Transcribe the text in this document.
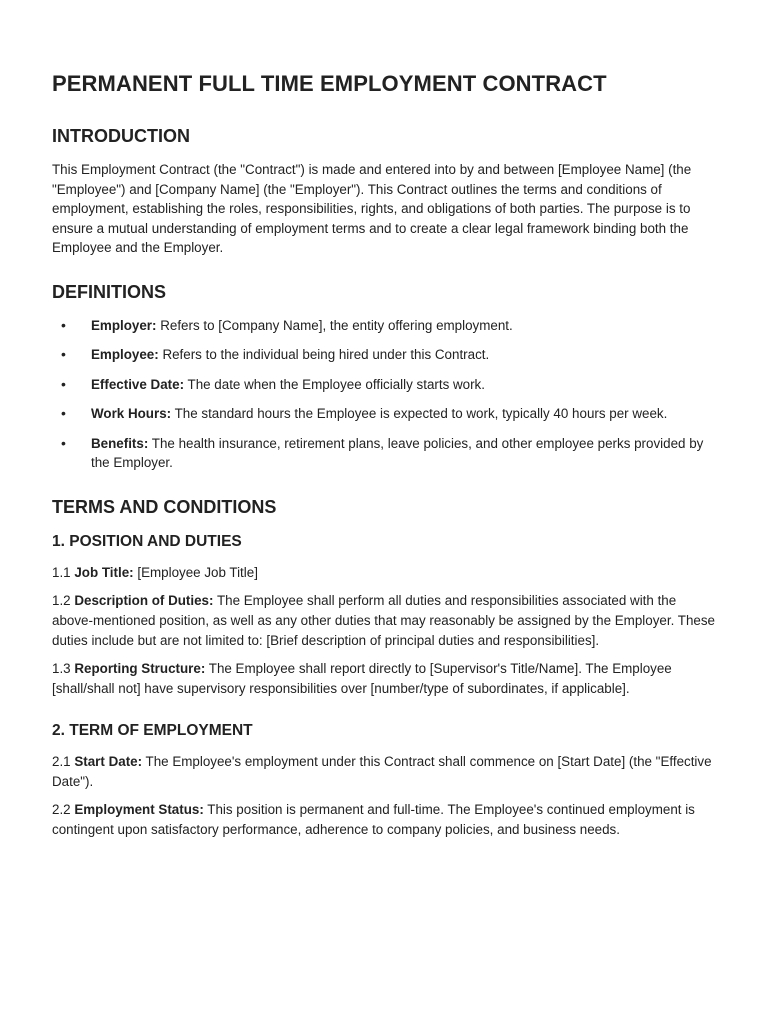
PERMANENT FULL TIME EMPLOYMENT CONTRACT
INTRODUCTION

This Employment Contract (the "Contract") is made and entered into by and between [Employee Name] (the "Employee") and [Company Name] (the "Employer"). This Contract outlines the terms and conditions of employment, establishing the roles, responsibilities, rights, and obligations of both parties. The purpose is to ensure a mutual understanding of employment terms and to create a clear legal framework binding both the Employee and the Employer.

DEFINITIONS
• Employer: Refers to [Company Name], the entity offering employment.
• Employee: Refers to the individual being hired under this Contract.
• Effective Date: The date when the Employee officially starts work.
• Work Hours: The standard hours the Employee is expected to work, typically 40 hours per week.
• Benefits: The health insurance, retirement plans, leave policies, and other employee perks provided by the Employer.
TERMS AND CONDITIONS
1. POSITION AND DUTIES

1.1 Job Title: [Employee Job Title]

1.2 Description of Duties: The Employee shall perform all duties and responsibilities associated with the above-mentioned position, as well as any other duties that may reasonably be assigned by the Employer. These duties include but are not limited to: [Brief description of principal duties and responsibilities].

1.3 Reporting Structure: The Employee shall report directly to [Supervisor's Title/Name]. The Employee [shall/shall not] have supervisory responsibilities over [number/type of subordinates, if applicable].

2. TERM OF EMPLOYMENT

2.1 Start Date: The Employee's employment under this Contract shall commence on [Start Date] (the "Effective Date").

2.2 Employment Status: This position is permanent and full-time. The Employee's continued employment is contingent upon satisfactory performance, adherence to company policies, and business needs.
